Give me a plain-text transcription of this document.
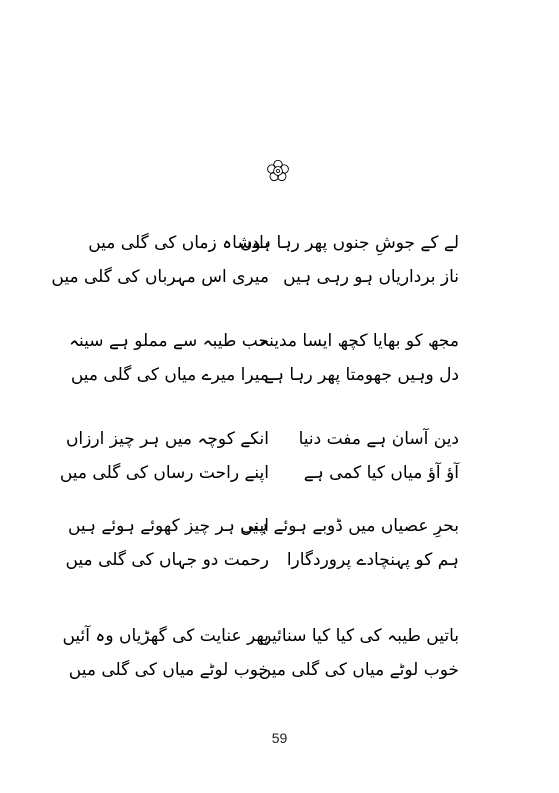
لے کے جوشِ جنوں پھر رہا ہوں
بادشاہ زماں کی گلی میں
ناز برداریاں ہو رہی ہیں
میری اس مہرباں کی گلی میں
مجھ کو بھایا کچھ ایسا مدینہ
حب طیبہ سے مملو ہے سینہ
دل وہیں جھومتا پھر رہا ہے
میرا میرے میاں کی گلی میں
دین آسان ہے مفت دنیا
انکے کوچہ میں ہر چیز ارزاں
آؤ آؤ میاں کیا کمی ہے
اپنے راحت رساں کی گلی میں
بحرِ عصیاں میں ڈوبے ہوئے ہیں
اپنی ہر چیز کھوئے ہوئے ہیں
ہم کو پہنچادے پروردگارا
رحمت دو جہاں کی گلی میں
باتیں طیبہ کی کیا کیا سنائیں
پھر عنایت کی گھڑیاں وہ آئیں
خوب لوٹے میاں کی گلی میں
خوب لوٹے میاں کی گلی میں
59
